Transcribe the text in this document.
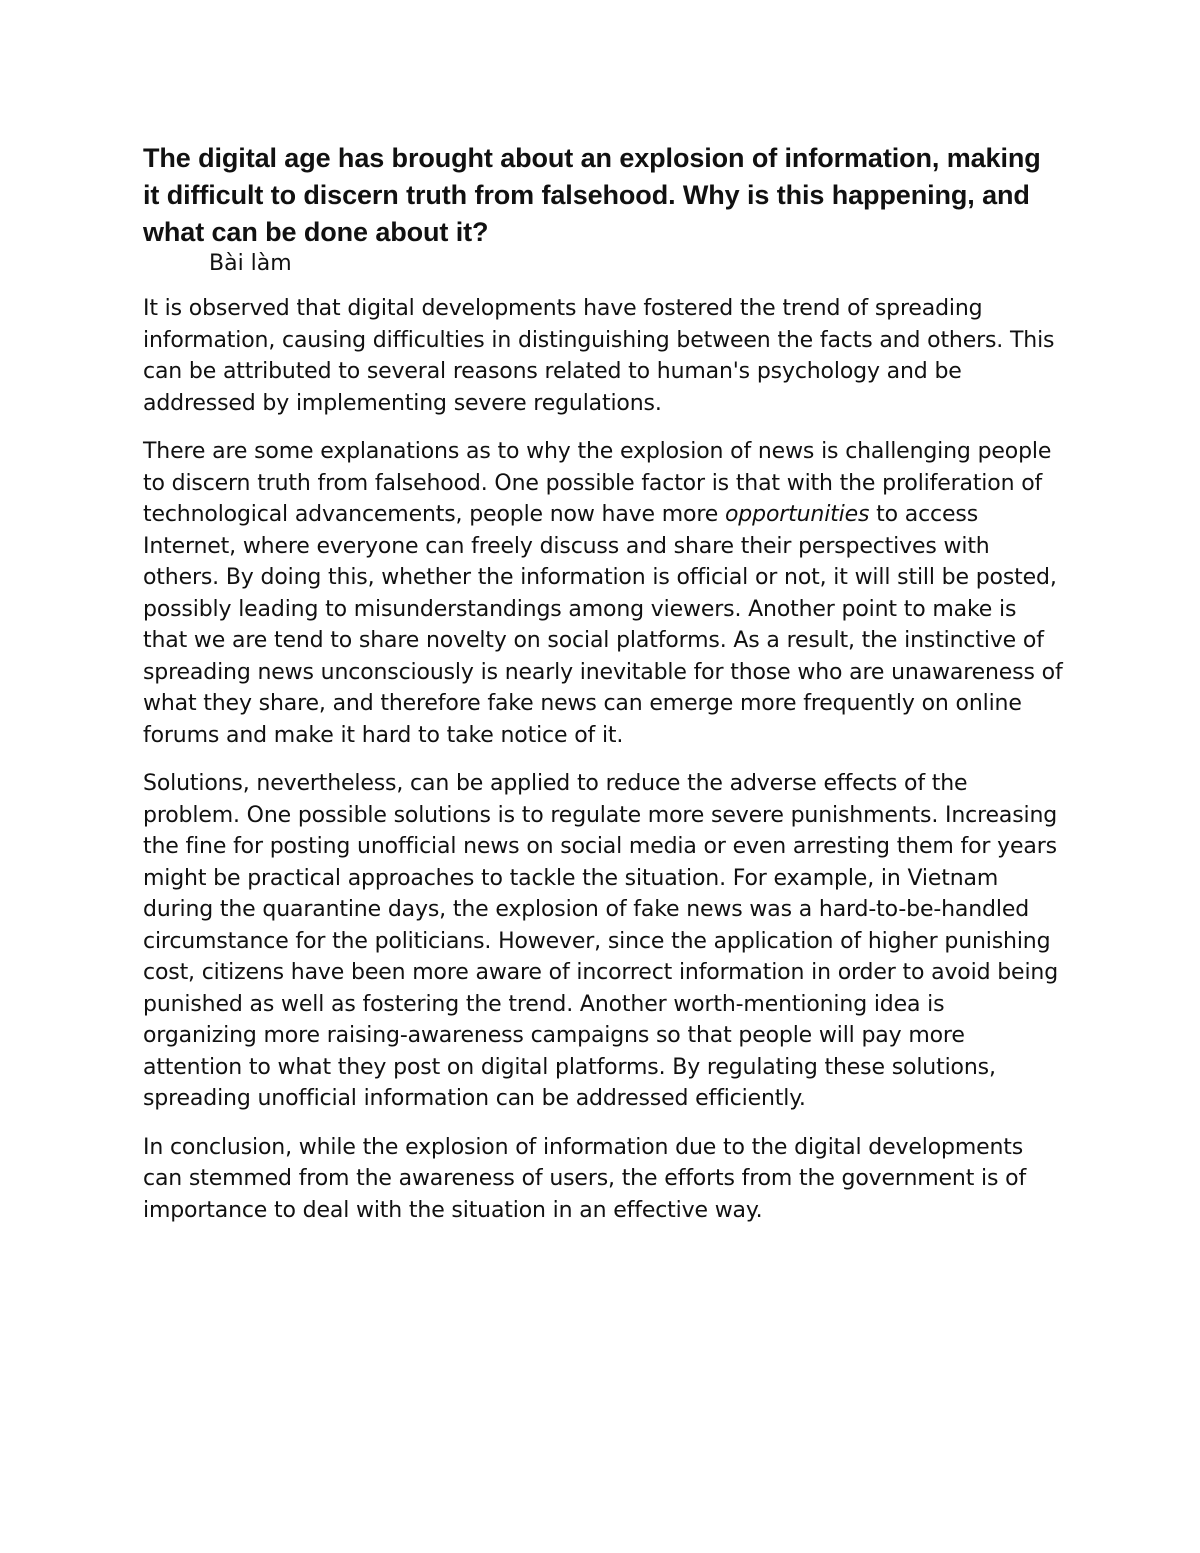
The digital age has brought about an explosion of information, making it difficult to discern truth from falsehood. Why is this happening, and what can be done about it?

Bài làm

It is observed that digital developments have fostered the trend of spreading information, causing difficulties in distinguishing between the facts and others. This can be attributed to several reasons related to human's psychology and be addressed by implementing severe regulations.

There are some explanations as to why the explosion of news is challenging people to discern truth from falsehood. One possible factor is that with the proliferation of technological advancements, people now have more opportunities to access Internet, where everyone can freely discuss and share their perspectives with others. By doing this, whether the information is official or not, it will still be posted, possibly leading to misunderstandings among viewers. Another point to make is that we are tend to share novelty on social platforms. As a result, the instinctive of spreading news unconsciously is nearly inevitable for those who are unawareness of what they share, and therefore fake news can emerge more frequently on online forums and make it hard to take notice of it.

Solutions, nevertheless, can be applied to reduce the adverse effects of the problem. One possible solutions is to regulate more severe punishments. Increasing the fine for posting unofficial news on social media or even arresting them for years might be practical approaches to tackle the situation. For example, in Vietnam during the quarantine days, the explosion of fake news was a hard-to-be-handled circumstance for the politicians. However, since the application of higher punishing cost, citizens have been more aware of incorrect information in order to avoid being punished as well as fostering the trend. Another worth-mentioning idea is organizing more raising-awareness campaigns so that people will pay more attention to what they post on digital platforms. By regulating these solutions, spreading unofficial information can be addressed efficiently.

In conclusion, while the explosion of information due to the digital developments can stemmed from the awareness of users, the efforts from the government is of importance to deal with the situation in an effective way.
